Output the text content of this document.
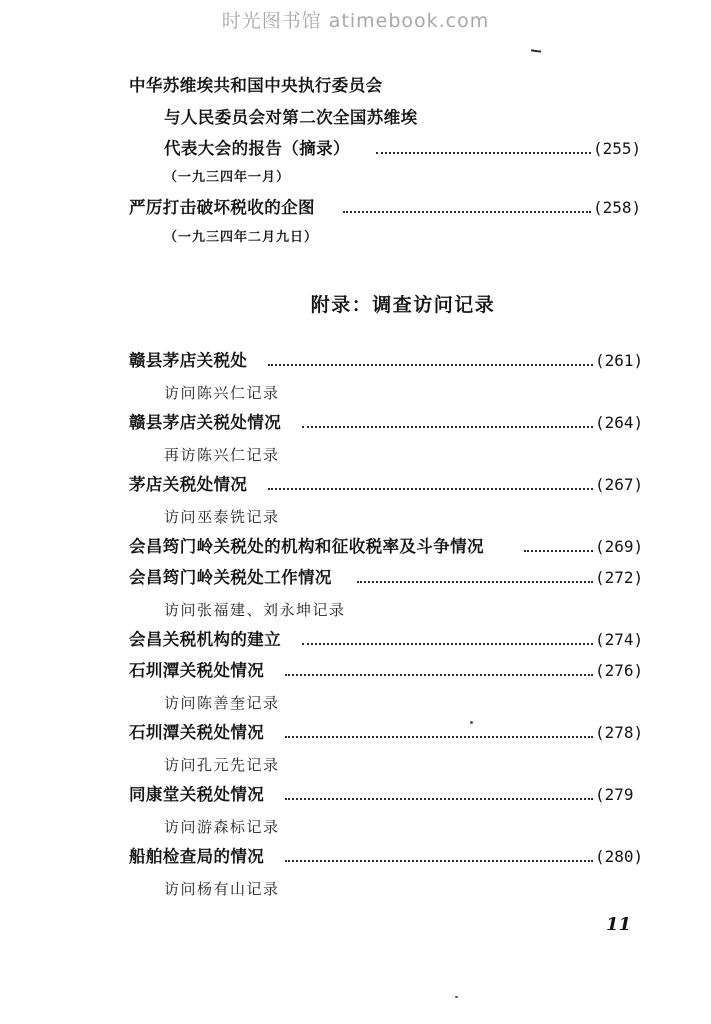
时光图书馆 atimebook.com
中华苏维埃共和国中央执行委员会
与人民委员会对第二次全国苏维埃
代表大会的报告（摘录）	(255)
（一九三四年一月）
严厉打击破坏税收的企图	(258)
（一九三四年二月九日）
附录：调查访问记录
赣县茅店关税处	(261)
访问陈兴仁记录
赣县茅店关税处情况	(264)
再访陈兴仁记录
茅店关税处情况	(267)
访问巫泰铣记录
会昌筠门岭关税处的机构和征收税率及斗争情况	(269)
会昌筠门岭关税处工作情况	(272)
访问张福建、刘永坤记录
会昌关税机构的建立	(274)
石圳潭关税处情况	(276)
访问陈善奎记录
石圳潭关税处情况	(278)
访问孔元先记录
同康堂关税处情况	(279
访问游森标记录
船舶检查局的情况	(280)
访问杨有山记录
11
